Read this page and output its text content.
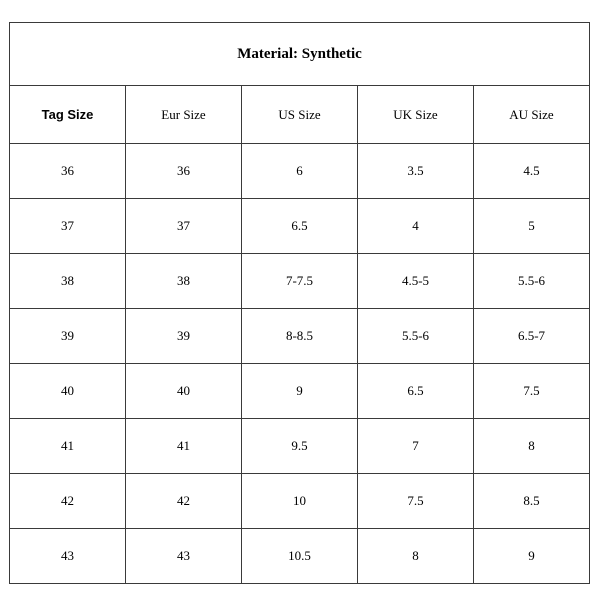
Material: Synthetic				
Tag Size	Eur Size	US Size	UK Size	AU Size
36	36	6	3.5	4.5
37	37	6.5	4	5
38	38	7-7.5	4.5-5	5.5-6
39	39	8-8.5	5.5-6	6.5-7
40	40	9	6.5	7.5
41	41	9.5	7	8
42	42	10	7.5	8.5
43	43	10.5	8	9
